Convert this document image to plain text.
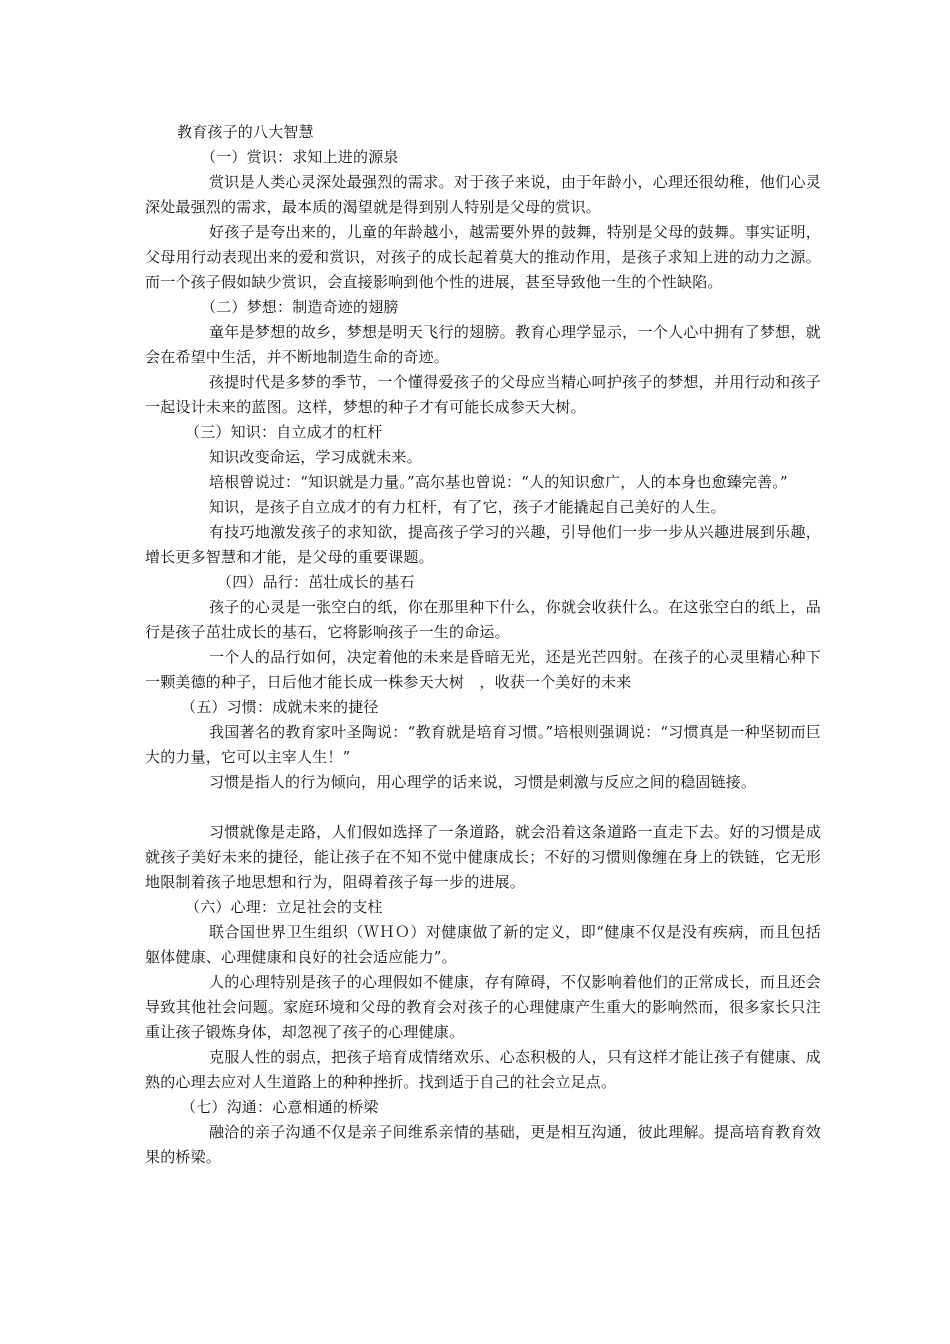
教育孩子的八大智慧
（一）赏识：求知上进的源泉

赏识是人类心灵深处最强烈的需求。对于孩子来说，由于年龄小，心理还很幼稚，他们心灵深处最强烈的需求，最本质的渴望就是得到别人特别是父母的赏识。

好孩子是夸出来的，儿童的年龄越小，越需要外界的鼓舞，特别是父母的鼓舞。事实证明，父母用行动表现出来的爱和赏识，对孩子的成长起着莫大的推动作用，是孩子求知上进的动力之源。而一个孩子假如缺少赏识，会直接影响到他个性的进展，甚至导致他一生的个性缺陷。

（二）梦想：制造奇迹的翅膀

童年是梦想的故乡，梦想是明天飞行的翅膀。教育心理学显示，一个人心中拥有了梦想，就会在希望中生活，并不断地制造生命的奇迹。

孩提时代是多梦的季节，一个懂得爱孩子的父母应当精心呵护孩子的梦想，并用行动和孩子一起设计未来的蓝图。这样，梦想的种子才有可能长成参天大树。

（三）知识：自立成才的杠杆

知识改变命运，学习成就未来。

培根曾说过：“知识就是力量。”高尔基也曾说：“人的知识愈广，人的本身也愈臻完善。”

知识，是孩子自立成才的有力杠杆，有了它，孩子才能撬起自己美好的人生。

有技巧地激发孩子的求知欲，提高孩子学习的兴趣，引导他们一步一步从兴趣进展到乐趣，增长更多智慧和才能，是父母的重要课题。

（四）品行：茁壮成长的基石

孩子的心灵是一张空白的纸，你在那里种下什么，你就会收获什么。在这张空白的纸上，品行是孩子茁壮成长的基石，它将影响孩子一生的命运。

一个人的品行如何，决定着他的未来是昏暗无光，还是光芒四射。在孩子的心灵里精心种下一颗美德的种子，日后他才能长成一株参天大树　，收获一个美好的未来

（五）习惯：成就未来的捷径

我国著名的教育家叶圣陶说：“教育就是培育习惯。”培根则强调说：“习惯真是一种坚韧而巨大的力量，它可以主宰人生！”

习惯是指人的行为倾向，用心理学的话来说，习惯是刺激与反应之间的稳固链接。

习惯就像是走路，人们假如选择了一条道路，就会沿着这条道路一直走下去。好的习惯是成就孩子美好未来的捷径，能让孩子在不知不觉中健康成长；不好的习惯则像缠在身上的铁链，它无形地限制着孩子地思想和行为，阻碍着孩子每一步的进展。

（六）心理：立足社会的支柱

联合国世界卫生组织（ＷＨＯ）对健康做了新的定义，即“健康不仅是没有疾病，而且包括躯体健康、心理健康和良好的社会适应能力”。

人的心理特别是孩子的心理假如不健康，存有障碍，不仅影响着他们的正常成长，而且还会导致其他社会问题。家庭环境和父母的教育会对孩子的心理健康产生重大的影响然而，很多家长只注重让孩子锻炼身体，却忽视了孩子的心理健康。

克服人性的弱点，把孩子培育成情绪欢乐、心态积极的人，只有这样才能让孩子有健康、成熟的心理去应对人生道路上的种种挫折。找到适于自己的社会立足点。

（七）沟通：心意相通的桥梁

融洽的亲子沟通不仅是亲子间维系亲情的基础，更是相互沟通，彼此理解。提高培育教育效果的桥梁。
